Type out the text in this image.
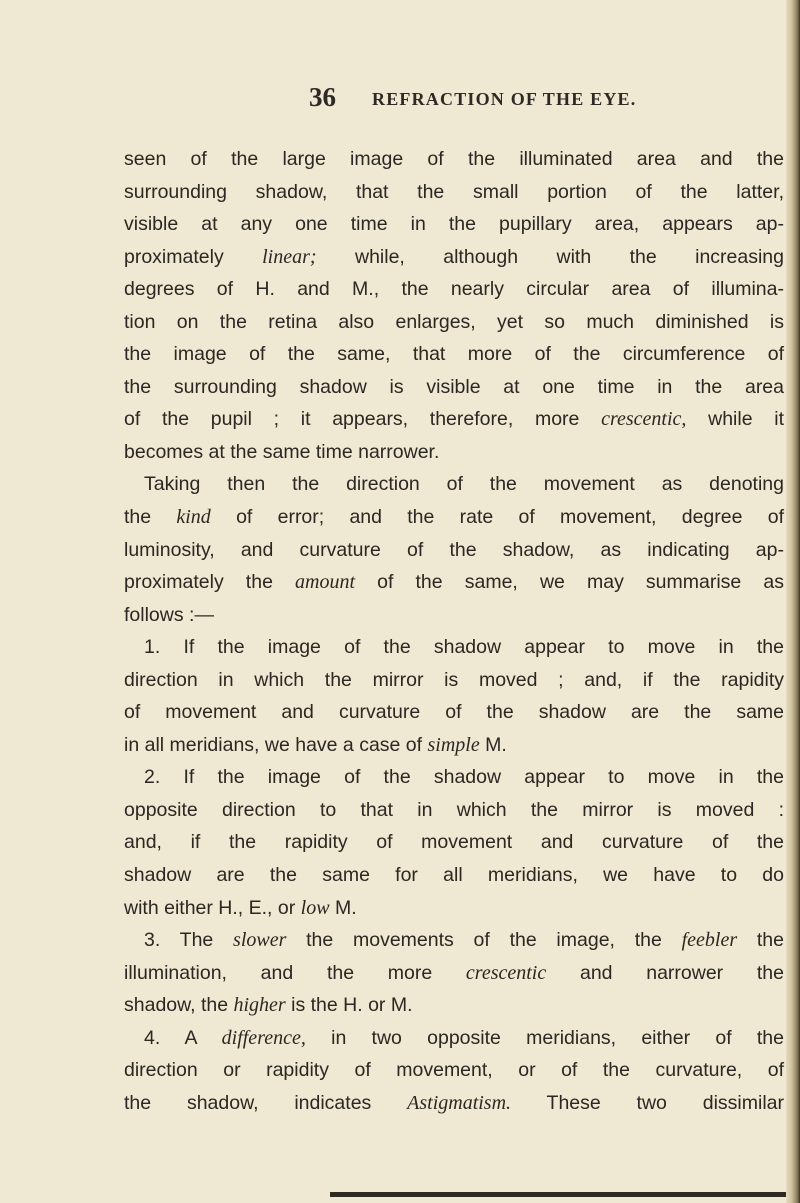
36 REFRACTION OF THE EYE.
seen of the large image of the illuminated area and the
surrounding shadow, that the small portion of the latter,
visible at any one time in the pupillary area, appears ap-
proximately linear; while, although with the increasing
degrees of H. and M., the nearly circular area of illumina-
tion on the retina also enlarges, yet so much diminished is
the image of the same, that more of the circumference of
the surrounding shadow is visible at one time in the area
of the pupil ; it appears, therefore, more crescentic, while it
becomes at the same time narrower.
Taking then the direction of the movement as denoting
the kind of error; and the rate of movement, degree of
luminosity, and curvature of the shadow, as indicating ap-
proximately the amount of the same, we may summarise as
follows :—
1. If the image of the shadow appear to move in the
direction in which the mirror is moved ; and, if the rapidity
of movement and curvature of the shadow are the same
in all meridians, we have a case of simple M.
2. If the image of the shadow appear to move in the
opposite direction to that in which the mirror is moved :
and, if the rapidity of movement and curvature of the
shadow are the same for all meridians, we have to do
with either H., E., or low M.
3. The slower the movements of the image, the feebler the
illumination, and the more crescentic and narrower the
shadow, the higher is the H. or M.
4. A difference, in two opposite meridians, either of the
direction or rapidity of movement, or of the curvature, of
the shadow, indicates Astigmatism. These two dissimilar
